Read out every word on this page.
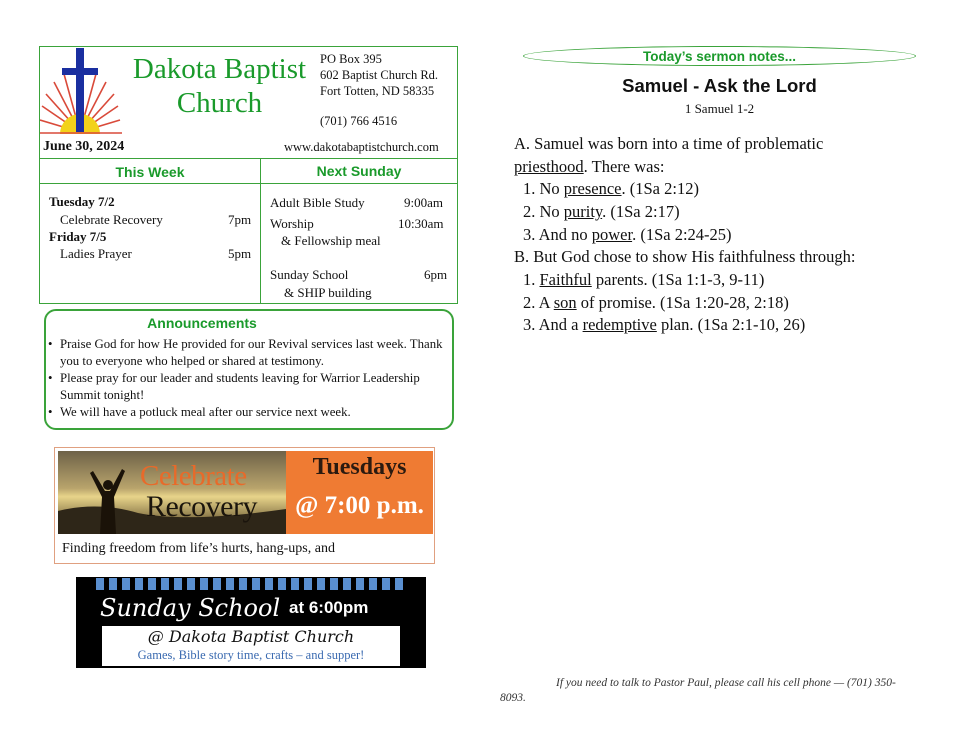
Dakota Baptist
Church
PO Box 395
602 Baptist Church Rd.
Fort Totten, ND 58335
(701) 766 4516
June 30, 2024	www.dakotabaptistchurch.com
This Week	Next Sunday
Tuesday 7/2
Celebrate Recovery	7pm
Friday 7/5
Ladies Prayer	5pm
Adult Bible Study	9:00am
Worship	10:30am
& Fellowship meal
Sunday School	6pm
& SHIP building
Announcements
• Praise God for how He provided for our Revival services last week. Thank you to everyone who helped or shared at testimony.
• Please pray for our leader and students leaving for Warrior Leadership Summit tonight!
• We will have a potluck meal after our service next week.
Celebrate
Recovery
Tuesdays
@ 7:00 p.m.
Finding freedom from life’s hurts, hang-ups, and
Sunday School at 6:00pm
@ Dakota Baptist Church
Games, Bible story time, crafts – and supper!
Today’s sermon notes...
Samuel - Ask the Lord
1 Samuel 1-2
A. Samuel was born into a time of problematic
priesthood. There was:
1. No presence. (1Sa 2:12)
2. No purity. (1Sa 2:17)
3. And no power. (1Sa 2:24-25)
B. But God chose to show His faithfulness through:
1. Faithful parents. (1Sa 1:1-3, 9-11)
2. A son of promise. (1Sa 1:20-28, 2:18)
3. And a redemptive plan. (1Sa 2:1-10, 26)
If you need to talk to Pastor Paul, please call his cell phone — (701) 350-8093.
